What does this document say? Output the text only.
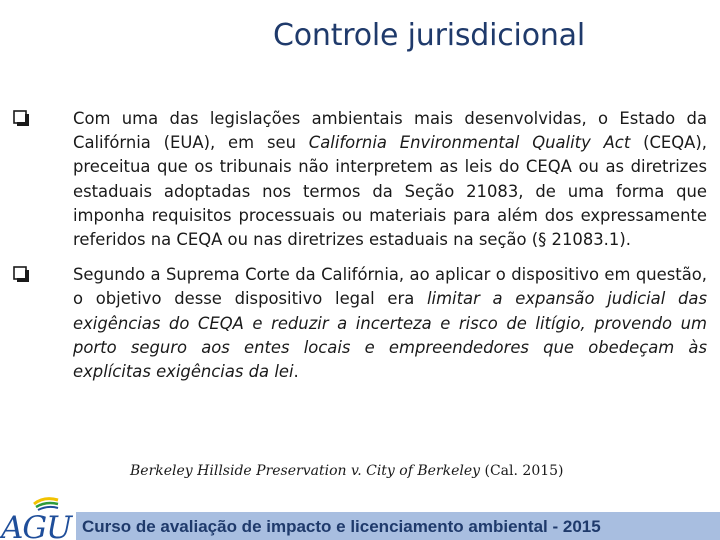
Controle jurisdicional
Com uma das legislações ambientais mais desenvolvidas, o Estado da Califórnia (EUA), em seu California Environmental Quality Act (CEQA), preceitua que os tribunais não interpretem as leis do CEQA ou as diretrizes estaduais adoptadas nos termos da Seção 21083, de uma forma que imponha requisitos processuais ou materiais para além dos expressamente referidos na CEQA ou nas diretrizes estaduais na seção (§ 21083.1).
Segundo a Suprema Corte da Califórnia, ao aplicar o dispositivo em questão, o objetivo desse dispositivo legal era limitar a expansão judicial das exigências do CEQA e reduzir a incerteza e risco de litígio, provendo um porto seguro aos entes locais e empreendedores que obedeçam às explícitas exigências da lei.
Berkeley Hillside Preservation v. City of Berkeley (Cal. 2015)
AGU Curso de avaliação de impacto e licenciamento ambiental - 2015
